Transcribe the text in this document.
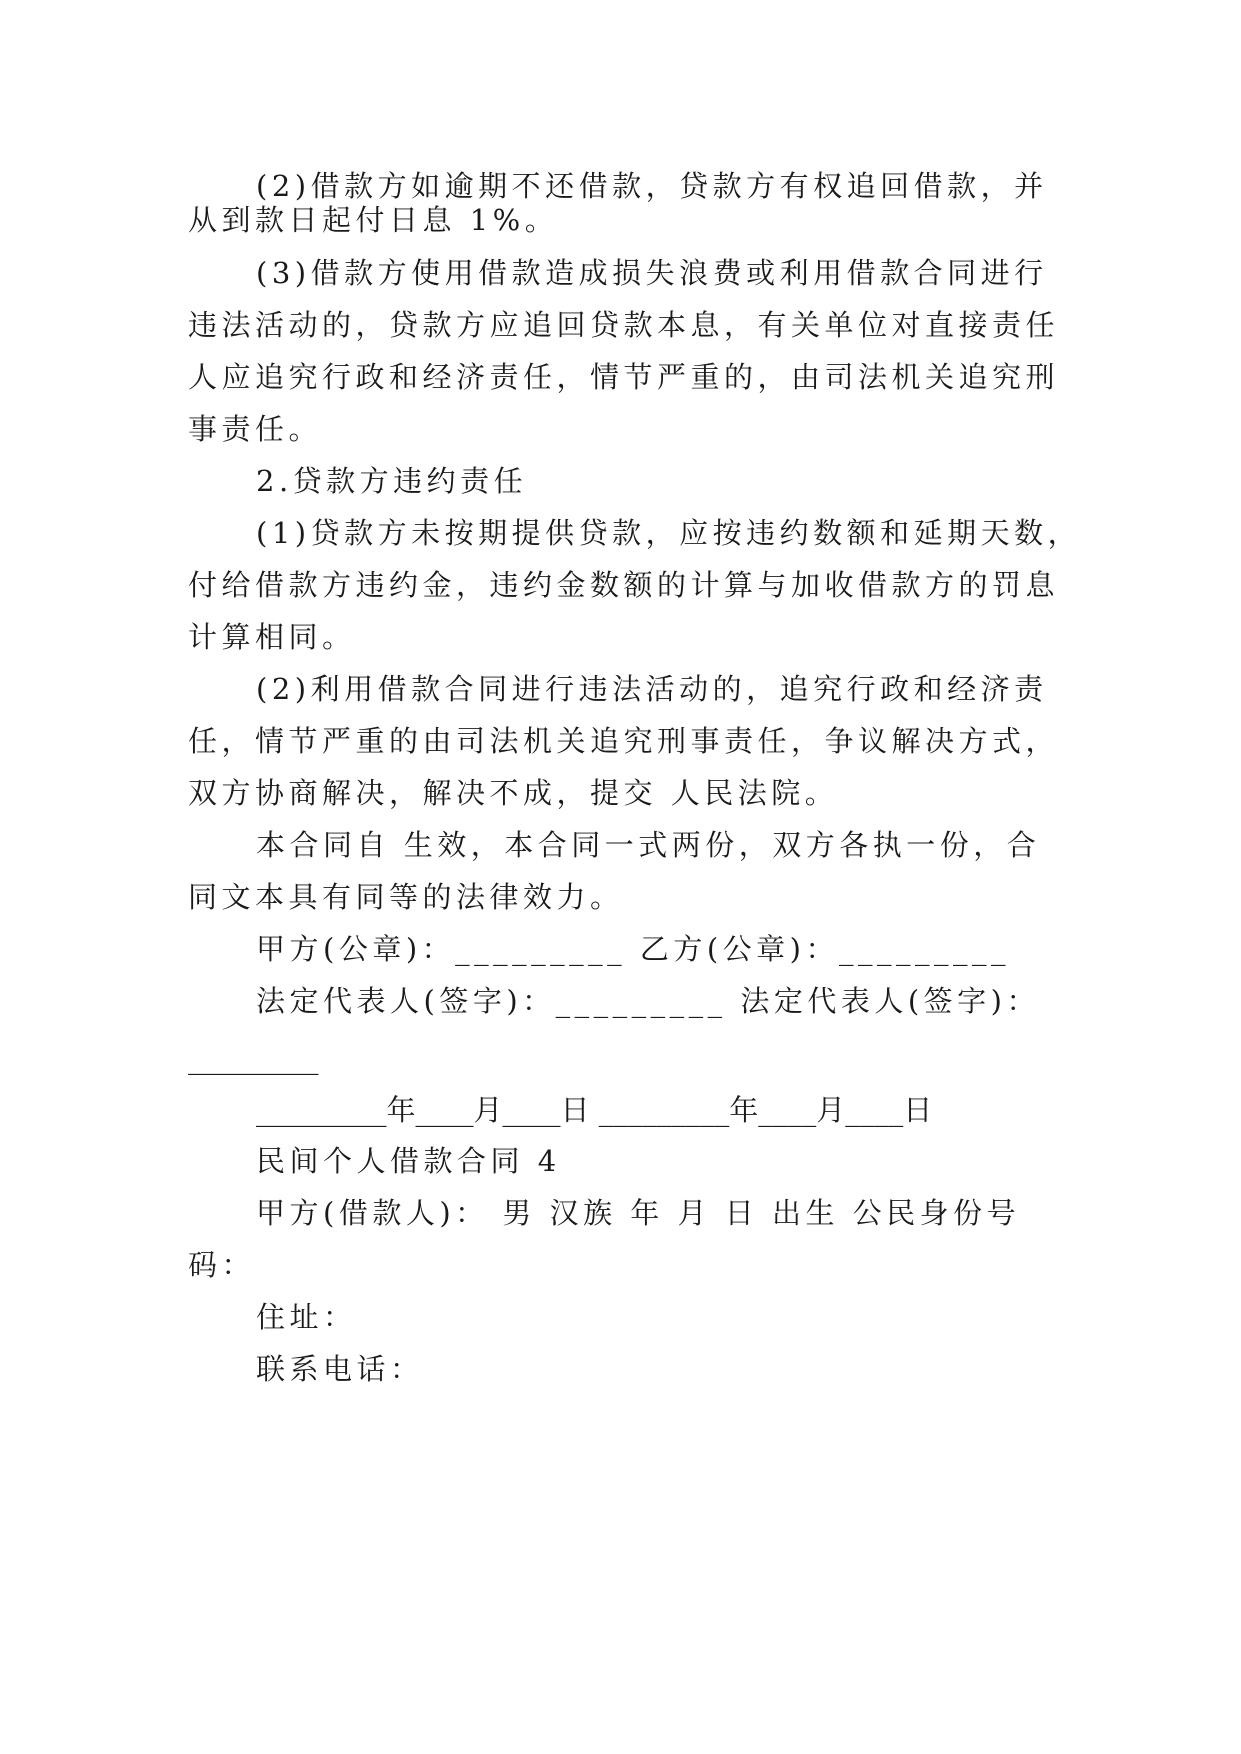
(2)借款方如逾期不还借款，贷款方有权追回借款，并
从到款日起付日息 1%。
(3)借款方使用借款造成损失浪费或利用借款合同进行
违法活动的，贷款方应追回贷款本息，有关单位对直接责任
人应追究行政和经济责任，情节严重的，由司法机关追究刑
事责任。
2.贷款方违约责任
(1)贷款方未按期提供贷款，应按违约数额和延期天数，
付给借款方违约金，违约金数额的计算与加收借款方的罚息
计算相同。
(2)利用借款合同进行违法活动的，追究行政和经济责
任，情节严重的由司法机关追究刑事责任，争议解决方式，
双方协商解决，解决不成，提交 人民法院。
本合同自 生效，本合同一式两份，双方各执一份，合
同文本具有同等的法律效力。
甲方(公章)：_________ 乙方(公章)：_________
法定代表人(签字)：_________ 法定代表人(签字)：
_________
_________年____月____日 _________年____月____日
民间个人借款合同 4
甲方(借款人)： 男 汉族 年 月 日 出生 公民身份号
码：
住址：
联系电话：
